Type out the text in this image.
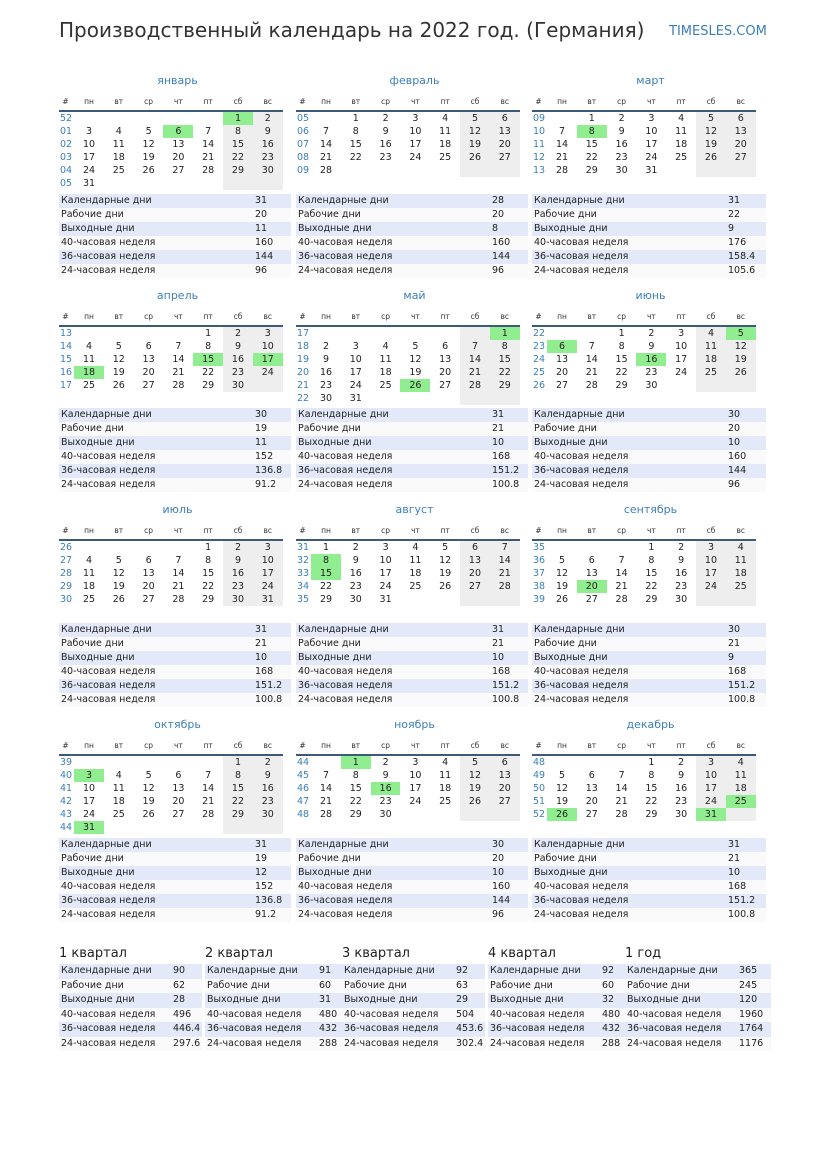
Производственный календарь на 2022 год. (Германия) TIMESLES.COM
январь
#	пн	вт	ср	чт	пт	сб	вс
52						1	2
01	3	4	5	6	7	8	9
02	10	11	12	13	14	15	16
03	17	18	19	20	21	22	23
04	24	25	26	27	28	29	30
05	31						
Календарные дни	31
Рабочие дни	20
Выходные дни	11
40-часовая неделя	160
36-часовая неделя	144
24-часовая неделя	96
февраль
#	пн	вт	ср	чт	пт	сб	вс
05		1	2	3	4	5	6
06	7	8	9	10	11	12	13
07	14	15	16	17	18	19	20
08	21	22	23	24	25	26	27
09	28						
Календарные дни	28
Рабочие дни	20
Выходные дни	8
40-часовая неделя	160
36-часовая неделя	144
24-часовая неделя	96
март
#	пн	вт	ср	чт	пт	сб	вс
09		1	2	3	4	5	6
10	7	8	9	10	11	12	13
11	14	15	16	17	18	19	20
12	21	22	23	24	25	26	27
13	28	29	30	31			
Календарные дни	31
Рабочие дни	22
Выходные дни	9
40-часовая неделя	176
36-часовая неделя	158.4
24-часовая неделя	105.6
апрель
#	пн	вт	ср	чт	пт	сб	вс
13					1	2	3
14	4	5	6	7	8	9	10
15	11	12	13	14	15	16	17
16	18	19	20	21	22	23	24
17	25	26	27	28	29	30	
Календарные дни	30
Рабочие дни	19
Выходные дни	11
40-часовая неделя	152
36-часовая неделя	136.8
24-часовая неделя	91.2
май
#	пн	вт	ср	чт	пт	сб	вс
17							1
18	2	3	4	5	6	7	8
19	9	10	11	12	13	14	15
20	16	17	18	19	20	21	22
21	23	24	25	26	27	28	29
22	30	31					
Календарные дни	31
Рабочие дни	21
Выходные дни	10
40-часовая неделя	168
36-часовая неделя	151.2
24-часовая неделя	100.8
июнь
#	пн	вт	ср	чт	пт	сб	вс
22			1	2	3	4	5
23	6	7	8	9	10	11	12
24	13	14	15	16	17	18	19
25	20	21	22	23	24	25	26
26	27	28	29	30			
Календарные дни	30
Рабочие дни	20
Выходные дни	10
40-часовая неделя	160
36-часовая неделя	144
24-часовая неделя	96
июль
#	пн	вт	ср	чт	пт	сб	вс
26					1	2	3
27	4	5	6	7	8	9	10
28	11	12	13	14	15	16	17
29	18	19	20	21	22	23	24
30	25	26	27	28	29	30	31
Календарные дни	31
Рабочие дни	21
Выходные дни	10
40-часовая неделя	168
36-часовая неделя	151.2
24-часовая неделя	100.8
август
#	пн	вт	ср	чт	пт	сб	вс
31	1	2	3	4	5	6	7
32	8	9	10	11	12	13	14
33	15	16	17	18	19	20	21
34	22	23	24	25	26	27	28
35	29	30	31				
Календарные дни	31
Рабочие дни	21
Выходные дни	10
40-часовая неделя	168
36-часовая неделя	151.2
24-часовая неделя	100.8
сентябрь
#	пн	вт	ср	чт	пт	сб	вс
35				1	2	3	4
36	5	6	7	8	9	10	11
37	12	13	14	15	16	17	18
38	19	20	21	22	23	24	25
39	26	27	28	29	30		
Календарные дни	30
Рабочие дни	21
Выходные дни	9
40-часовая неделя	168
36-часовая неделя	151.2
24-часовая неделя	100.8
октябрь
#	пн	вт	ср	чт	пт	сб	вс
39						1	2
40	3	4	5	6	7	8	9
41	10	11	12	13	14	15	16
42	17	18	19	20	21	22	23
43	24	25	26	27	28	29	30
44	31						
Календарные дни	31
Рабочие дни	19
Выходные дни	12
40-часовая неделя	152
36-часовая неделя	136.8
24-часовая неделя	91.2
ноябрь
#	пн	вт	ср	чт	пт	сб	вс
44		1	2	3	4	5	6
45	7	8	9	10	11	12	13
46	14	15	16	17	18	19	20
47	21	22	23	24	25	26	27
48	28	29	30				
Календарные дни	30
Рабочие дни	20
Выходные дни	10
40-часовая неделя	160
36-часовая неделя	144
24-часовая неделя	96
декабрь
#	пн	вт	ср	чт	пт	сб	вс
48				1	2	3	4
49	5	6	7	8	9	10	11
50	12	13	14	15	16	17	18
51	19	20	21	22	23	24	25
52	26	27	28	29	30	31	
Календарные дни	31
Рабочие дни	21
Выходные дни	10
40-часовая неделя	168
36-часовая неделя	151.2
24-часовая неделя	100.8
1 квартал
Календарные дни	90
Рабочие дни	62
Выходные дни	28
40-часовая неделя	496
36-часовая неделя	446.4
24-часовая неделя	297.6
2 квартал
Календарные дни	91
Рабочие дни	60
Выходные дни	31
40-часовая неделя	480
36-часовая неделя	432
24-часовая неделя	288
3 квартал
Календарные дни	92
Рабочие дни	63
Выходные дни	29
40-часовая неделя	504
36-часовая неделя	453.6
24-часовая неделя	302.4
4 квартал
Календарные дни	92
Рабочие дни	60
Выходные дни	32
40-часовая неделя	480
36-часовая неделя	432
24-часовая неделя	288
1 год
Календарные дни	365
Рабочие дни	245
Выходные дни	120
40-часовая неделя	1960
36-часовая неделя	1764
24-часовая неделя	1176
